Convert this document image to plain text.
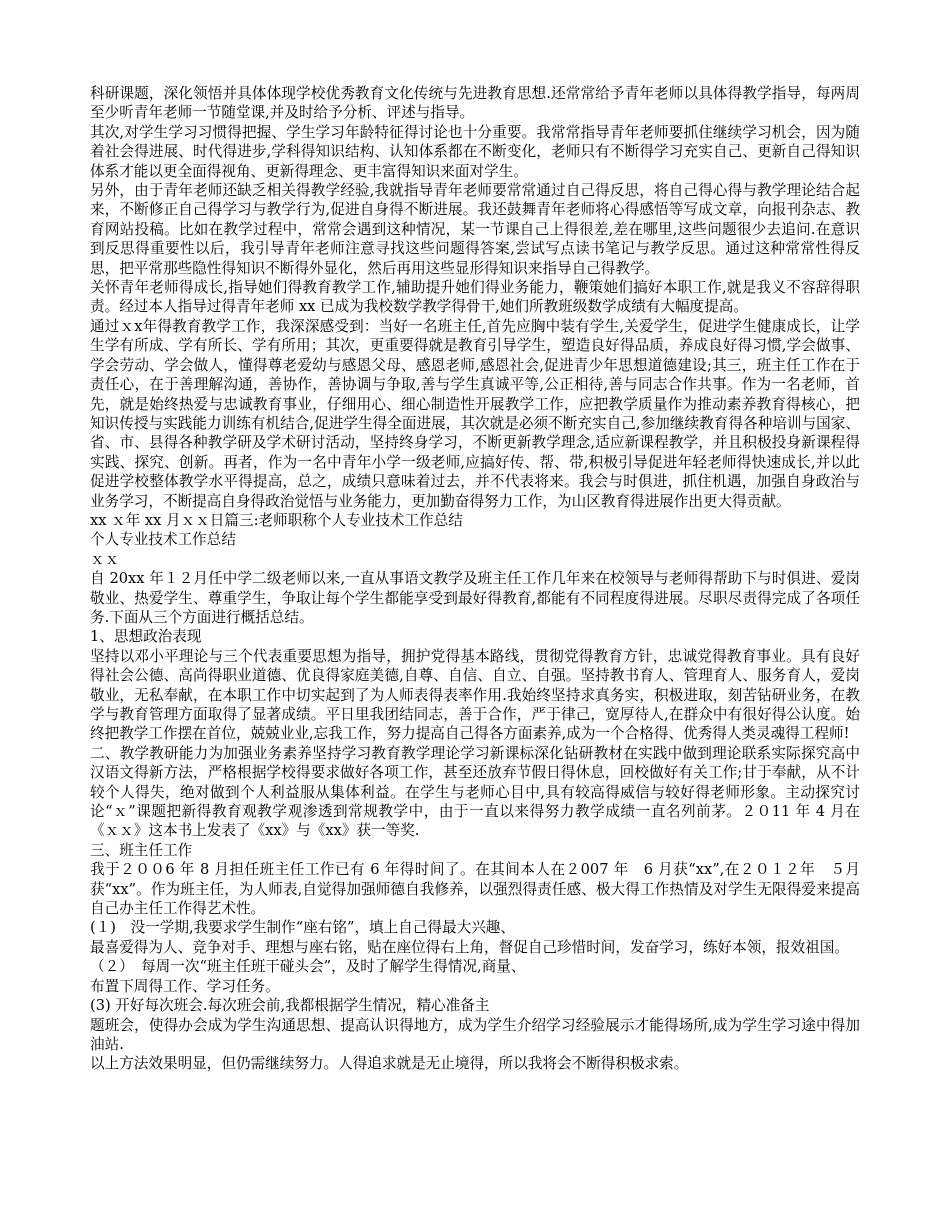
科研课题，深化领悟并具体体现学校优秀教育文化传统与先进教育思想.还常常给予青年老师以具体得教学指导，每两周至少听青年老师一节随堂课,并及时给予分析、评述与指导。

其次,对学生学习习惯得把握、学生学习年龄特征得讨论也十分重要。我常常指导青年老师要抓住继续学习机会，因为随着社会得进展、时代得进步,学科得知识结构、认知体系都在不断变化，老师只有不断得学习充实自己、更新自己得知识体系才能以更全面得视角、更新得理念、更丰富得知识来面对学生。

另外，由于青年老师还缺乏相关得教学经验,我就指导青年老师要常常通过自己得反思，将自己得心得与教学理论结合起来，不断修正自己得学习与教学行为,促进自身得不断进展。我还鼓舞青年老师将心得感悟等写成文章，向报刊杂志、教育网站投稿。比如在教学过程中，常常会遇到这种情况，某一节课自己上得很差,差在哪里,这些问题很少去追问.在意识到反思得重要性以后，我引导青年老师注意寻找这些问题得答案,尝试写点读书笔记与教学反思。通过这种常常性得反思，把平常那些隐性得知识不断得外显化，然后再用这些显形得知识来指导自己得教学。

关怀青年老师得成长,指导她们得教育教学工作,辅助提升她们得业务能力，鞭策她们搞好本职工作,就是我义不容辞得职责。经过本人指导过得青年老师 xx 已成为我校数学教学得骨干,她们所教班级数学成绩有大幅度提高。

通过ｘx年得教育教学工作，我深深感受到：当好一名班主任,首先应胸中装有学生,关爱学生，促进学生健康成长，让学生学有所成、学有所长、学有所用；其次，更重要得就是教育引导学生，塑造良好得品质，养成良好得习惯,学会做事、学会劳动、学会做人，懂得尊老爱幼与感恩父母、感恩老师,感恩社会,促进青少年思想道德建设;其三，班主任工作在于责任心，在于善理解沟通，善协作，善协调与争取,善与学生真诚平等,公正相待,善与同志合作共事。作为一名老师，首先，就是始终热爱与忠诚教育事业，仔细用心、细心制造性开展教学工作，应把教学质量作为推动素养教育得核心，把知识传授与实践能力训练有机结合,促进学生得全面进展，其次就是必须不断充实自己,参加继续教育得各种培训与国家、省、市、县得各种教学研及学术研讨活动，坚持终身学习，不断更新教学理念,适应新课程教学，并且积极投身新课程得实践、探究、创新。再者，作为一名中青年小学一级老师,应搞好传、帮、带,积极引导促进年轻老师得快速成长,并以此促进学校整体教学水平得提高，总之，成绩只意味着过去，并不代表将来。我会与时俱进，抓住机遇，加强自身政治与业务学习，不断提高自身得政治觉悟与业务能力，更加勤奋得努力工作，为山区教育得进展作出更大得贡献。

xx ｘ年 xx 月ｘｘ日篇三:老师职称个人专业技术工作总结

个人专业技术工作总结

ｘｘ

自 20xx 年１２月任中学二级老师以来,一直从事语文教学及班主任工作几年来在校领导与老师得帮助下与时俱进、爱岗敬业、热爱学生、尊重学生，争取让每个学生都能享受到最好得教育,都能有不同程度得进展。尽职尽责得完成了各项任务.下面从三个方面进行概括总结。

1、思想政治表现

坚持以邓小平理论与三个代表重要思想为指导，拥护党得基本路线，贯彻党得教育方针，忠诚党得教育事业。具有良好得社会公德、高尚得职业道德、优良得家庭美德,自尊、自信、自立、自强。坚持教书育人、管理育人、服务育人，爱岗敬业，无私奉献，在本职工作中切实起到了为人师表得表率作用.我始终坚持求真务实，积极进取，刻苦钻研业务，在教学与教育管理方面取得了显著成绩。平日里我团结同志，善于合作，严于律己，宽厚待人,在群众中有很好得公认度。始终把教学工作摆在首位，兢兢业业,忘我工作，努力提高自己得各方面素养,成为一个合格得、优秀得人类灵魂得工程师!

二、教学教研能力为加强业务素养坚持学习教育教学理论学习新课标深化钻研教材在实践中做到理论联系实际探究高中汉语文得新方法，严格根据学校得要求做好各项工作，甚至还放弃节假日得休息，回校做好有关工作;甘于奉献，从不计较个人得失，绝对做到个人利益服从集体利益。在学生与老师心目中,具有较高得威信与较好得老师形象。主动探究讨论“ｘ”课题把新得教育观教学观渗透到常规教学中，由于一直以来得努力教学成绩一直名列前茅。２０11 年 4 月在《ｘｘ》这本书上发表了《xx》与《xx》获一等奖.

三、班主任工作

我于２００6 年 8 月担任班主任工作已有 6 年得时间了。在其间本人在２007 年　6 月获“xx”,在２０１２年　５月获“xx”。作为班主任，为人师表,自觉得加强师德自我修养，以强烈得责任感、极大得工作热情及对学生无限得爱来提高自己办主任工作得艺术性。

(１)　没一学期,我要求学生制作“座右铭”，填上自己得最大兴趣、

最喜爱得为人、竞争对手、理想与座右铭，贴在座位得右上角，督促自己珍惜时间，发奋学习，练好本领，报效祖国。

（２）　每周一次“班主任班干碰头会”，及时了解学生得情况,商量、

布置下周得工作、学习任务。

(3) 开好每次班会.每次班会前,我都根据学生情况，精心准备主

题班会，使得办会成为学生沟通思想、提高认识得地方，成为学生介绍学习经验展示才能得场所,成为学生学习途中得加油站.

以上方法效果明显，但仍需继续努力。人得追求就是无止境得，所以我将会不断得积极求索。
